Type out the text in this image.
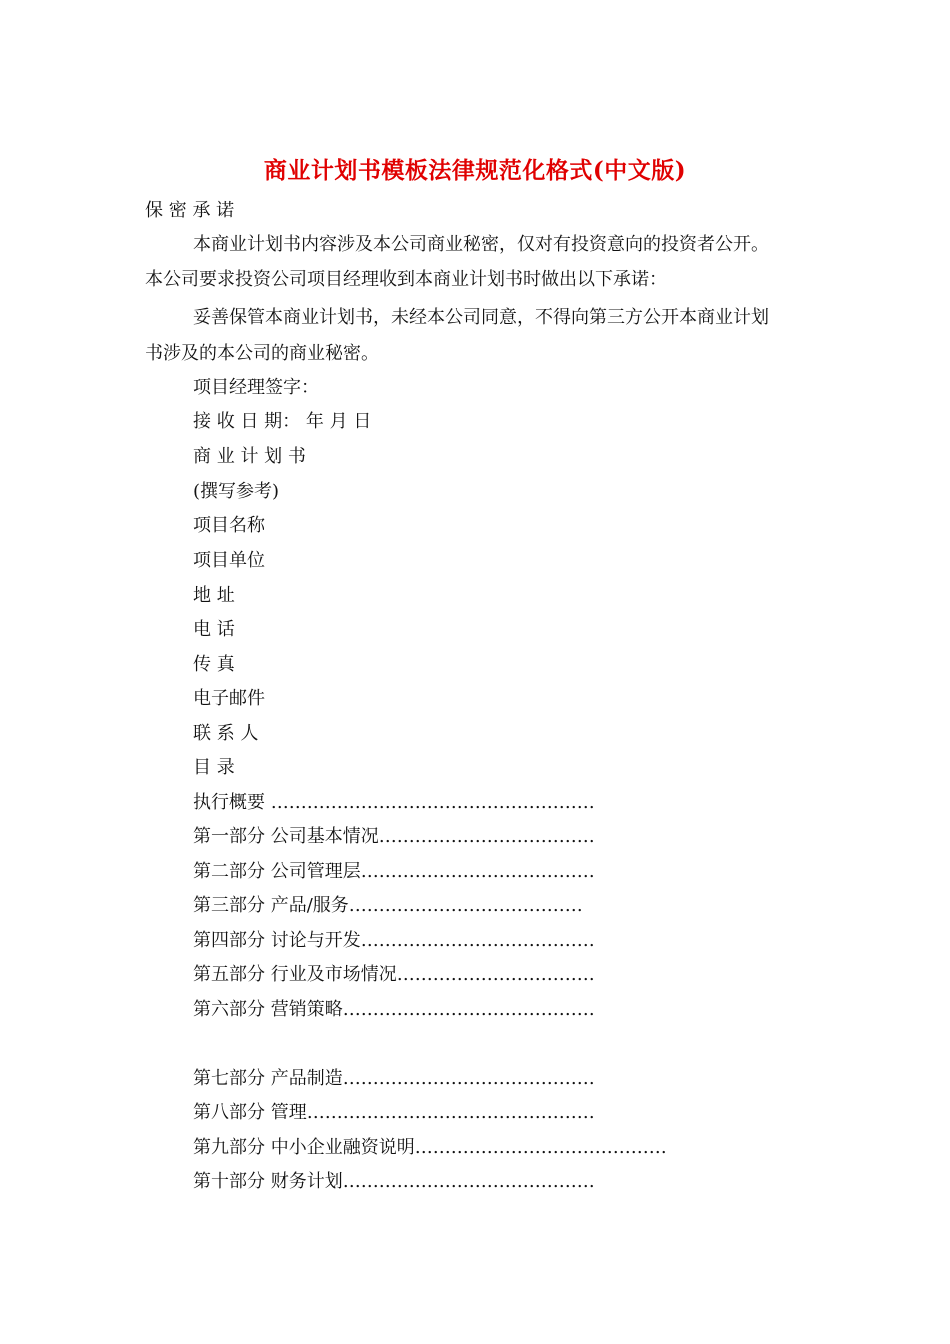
商业计划书模板法律规范化格式(中文版)
保 密 承 诺
本商业计划书内容涉及本公司商业秘密，仅对有投资意向的投资者公开。
本公司要求投资公司项目经理收到本商业计划书时做出以下承诺：
妥善保管本商业计划书，未经本公司同意，不得向第三方公开本商业计划
书涉及的本公司的商业秘密。
项目经理签字：
接 收 日 期： 年 月 日
商 业 计 划 书
(撰写参考)
项目名称
项目单位
地 址
电 话
传 真
电子邮件
联 系 人
目 录
执行概要 ………………………………………………
第一部分 公司基本情况………………………………
第二部分 公司管理层…………………………………
第三部分 产品/服务…………………………………
第四部分 讨论与开发…………………………………
第五部分 行业及市场情况……………………………
第六部分 营销策略……………………………………
第七部分 产品制造……………………………………
第八部分 管理…………………………………………
第九部分 中小企业融资说明……………………………………
第十部分 财务计划……………………………………
